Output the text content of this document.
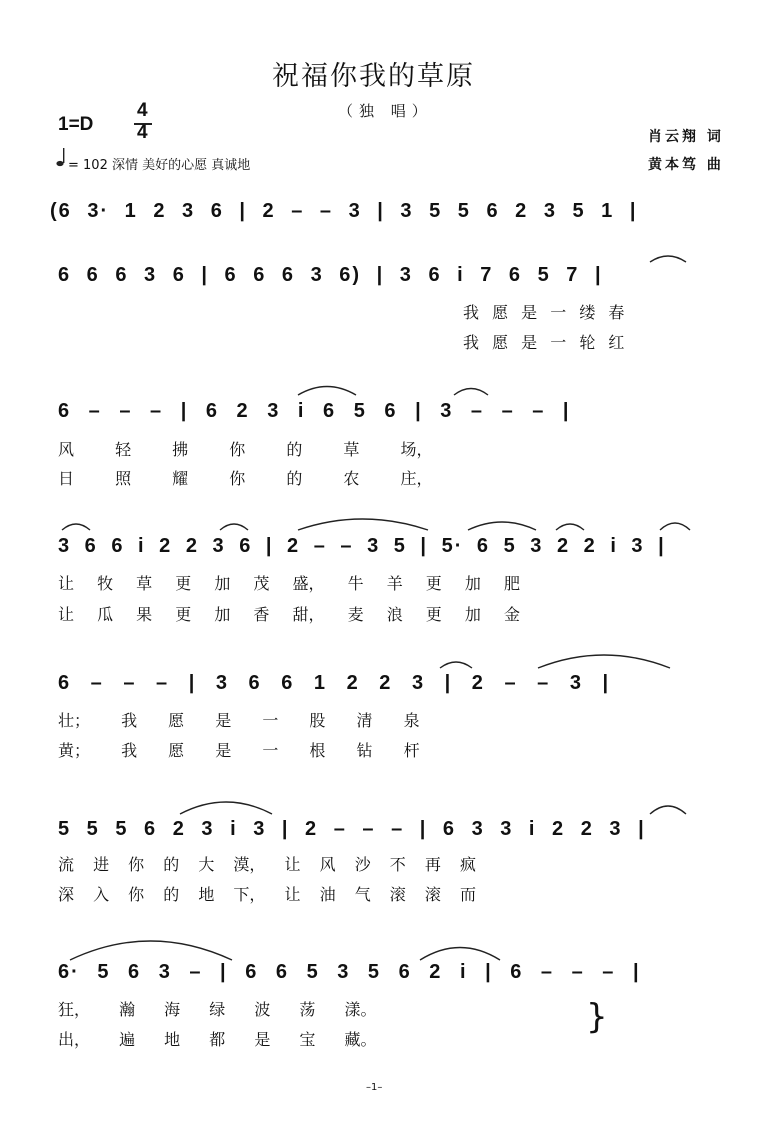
祝福你我的草原
（独 唱）
1=D
4
4
= 102 深情 美好的心愿 真诚地
肖云翔 词
黄本笃 曲
(6 3· 1 2 3 6 | 2 – – 3 | 3 5 5 6 2 3 5 1 |
6 6 6 3 6 | 6 6 6 3 6) | 3 6 i 7 6 5 7 |
我 愿 是 一 缕 春
我 愿 是 一 轮 红
6 – – – | 6 2 3 i 6 5 6 | 3 – – – |
风 轻 拂 你 的 草 场，
日 照 耀 你 的 农 庄，
3 6 6 i 2 2 3 6 | 2 – – 3 5 | 5· 6 5 3 2 2 i 3 |
让 牧 草 更 加 茂 盛， 牛 羊 更 加 肥
让 瓜 果 更 加 香 甜， 麦 浪 更 加 金
6 – – – | 3 6 6 1 2 2 3 | 2 – – 3 |
壮； 我 愿 是 一 股 清 泉
黄； 我 愿 是 一 根 钻 杆
5 5 5 6 2 3 i 3 | 2 – – – | 6 3 3 i 2 2 3 |
流 进 你 的 大 漠， 让 风 沙 不 再 疯
深 入 你 的 地 下， 让 油 气 滚 滚 而
6· 5 6 3 – | 6 6 5 3 5 6 2 i | 6 – – – |
狂， 瀚 海 绿 波 荡 漾。
出， 遍 地 都 是 宝 藏。
}
–1–
